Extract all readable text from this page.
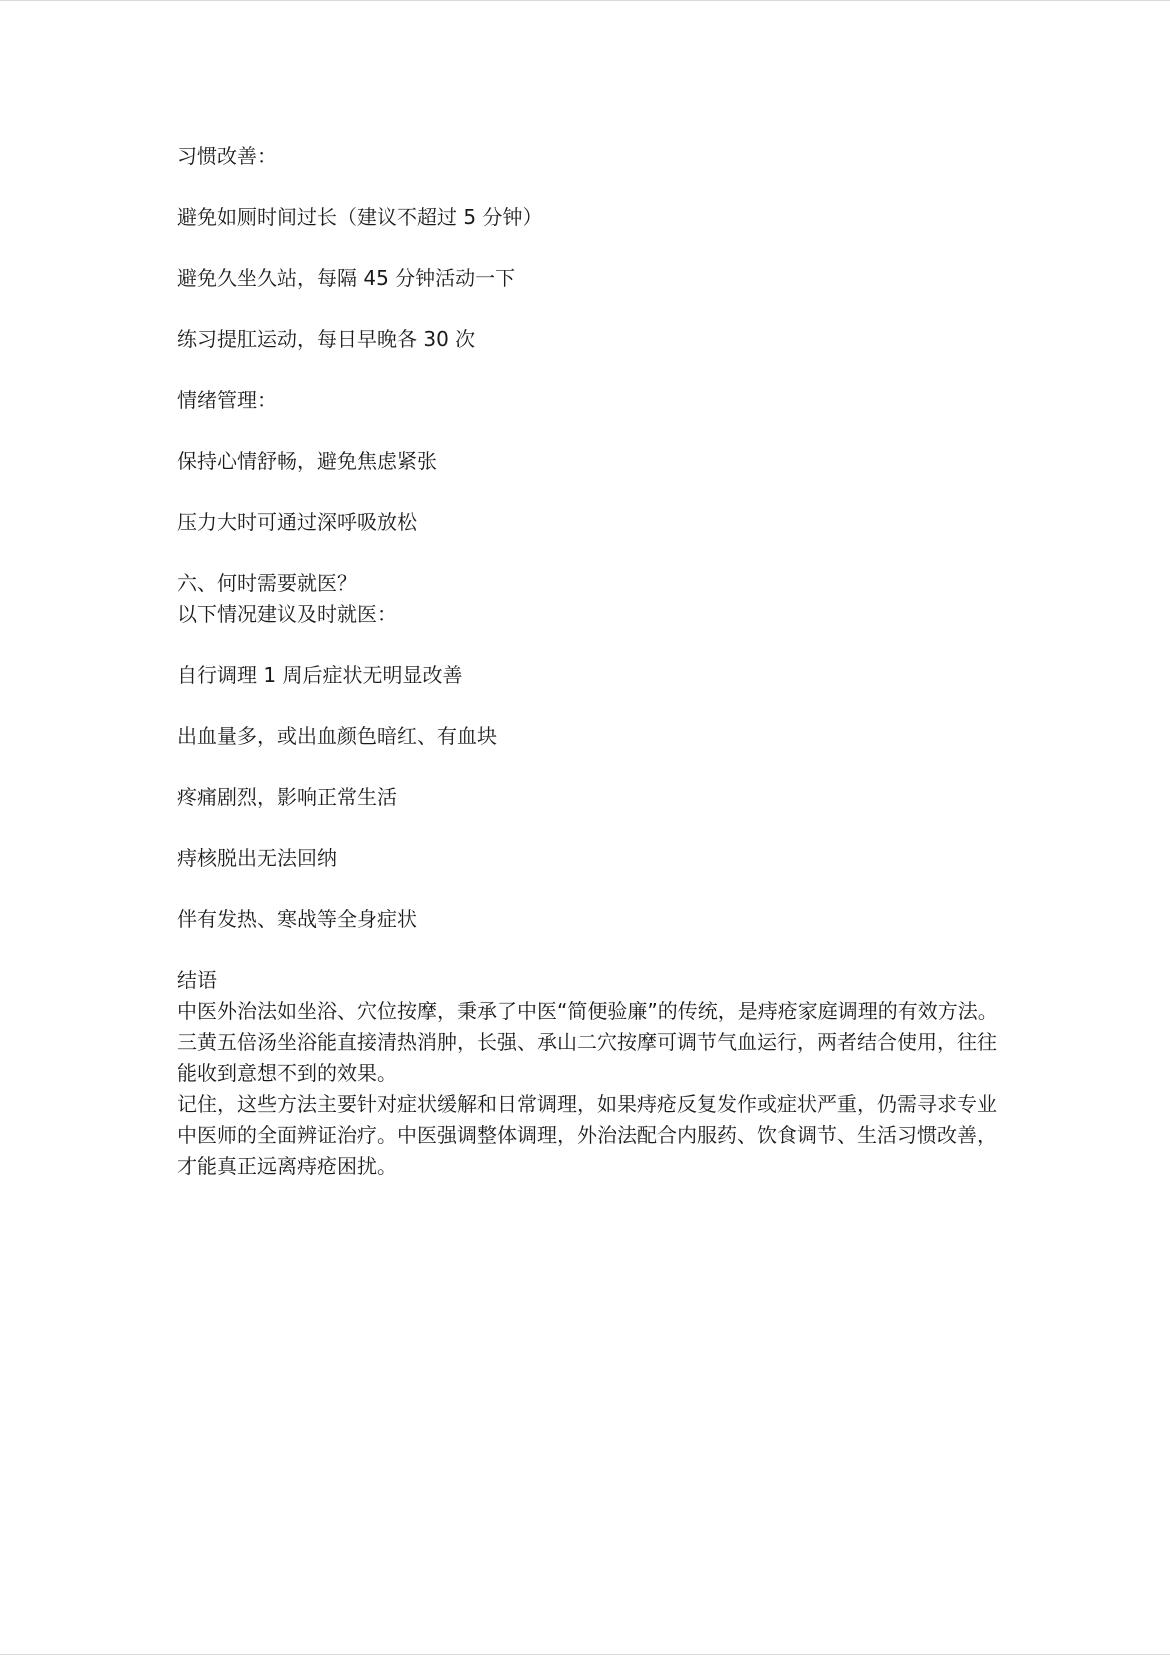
习惯改善：

避免如厕时间过长（建议不超过 5 分钟）

避免久坐久站，每隔 45 分钟活动一下

练习提肛运动，每日早晚各 30 次

情绪管理：

保持心情舒畅，避免焦虑紧张

压力大时可通过深呼吸放松

六、何时需要就医？

以下情况建议及时就医：

自行调理 1 周后症状无明显改善

出血量多，或出血颜色暗红、有血块

疼痛剧烈，影响正常生活

痔核脱出无法回纳

伴有发热、寒战等全身症状

结语

中医外治法如坐浴、穴位按摩，秉承了中医“简便验廉”的传统，是痔疮家庭调理的有效方法。三黄五倍汤坐浴能直接清热消肿，长强、承山二穴按摩可调节气血运行，两者结合使用，往往能收到意想不到的效果。

记住，这些方法主要针对症状缓解和日常调理，如果痔疮反复发作或症状严重，仍需寻求专业中医师的全面辨证治疗。中医强调整体调理，外治法配合内服药、饮食调节、生活习惯改善，才能真正远离痔疮困扰。
